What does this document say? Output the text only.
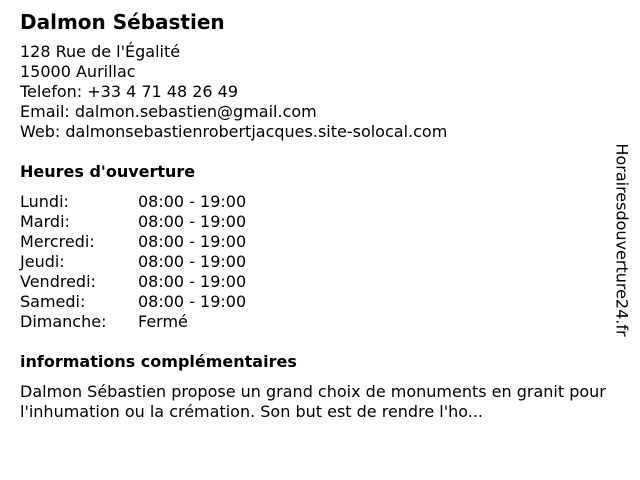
Dalmon Sébastien
128 Rue de l'Égalité
15000 Aurillac
Telefon: +33 4 71 48 26 49
Email: dalmon.sebastien@gmail.com
Web: dalmonsebastienrobertjacques.site-solocal.com
Heures d'ouverture
Lundi:	08:00 - 19:00
Mardi:	08:00 - 19:00
Mercredi:	08:00 - 19:00
Jeudi:	08:00 - 19:00
Vendredi:	08:00 - 19:00
Samedi:	08:00 - 19:00
Dimanche:	Fermé
informations complémentaires
Dalmon Sébastien propose un grand choix de monuments en granit pour l'inhumation ou la crémation. Son but est de rendre l'ho...
Horairesdouverture24.fr
